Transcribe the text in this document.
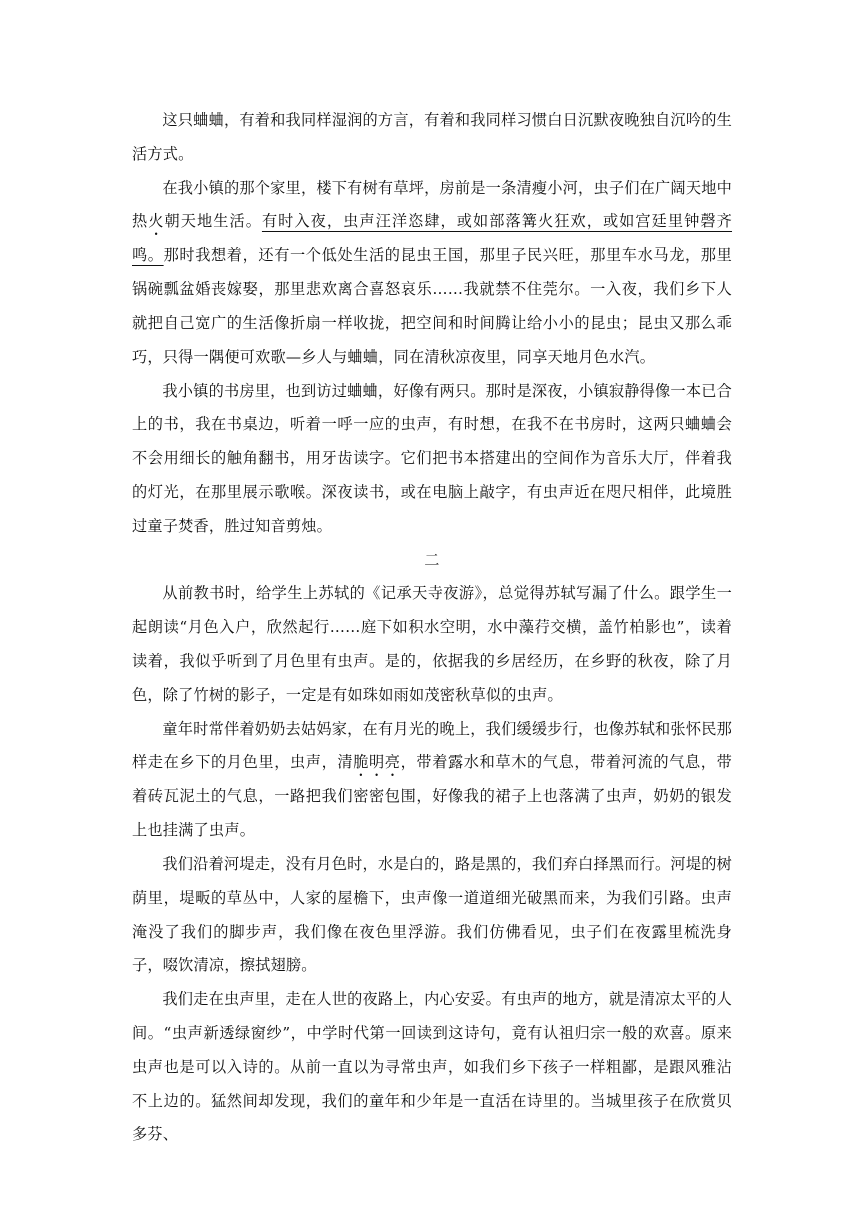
这只蛐蛐，有着和我同样湿润的方言，有着和我同样习惯白日沉默夜晚独自沉吟的生活方式。

在我小镇的那个家里，楼下有树有草坪，房前是一条清瘦小河，虫子们在广阔天地中热火朝天地生活。有时入夜，虫声汪洋恣肆，或如部落篝火狂欢，或如宫廷里钟磬齐鸣。那时我想着，还有一个低处生活的昆虫王国，那里子民兴旺，那里车水马龙，那里锅碗瓢盆婚丧嫁娶，那里悲欢离合喜怒哀乐……我就禁不住莞尔。一入夜，我们乡下人就把自己宽广的生活像折扇一样收拢，把空间和时间腾让给小小的昆虫；昆虫又那么乖巧，只得一隅便可欢歌—乡人与蛐蛐，同在清秋凉夜里，同享天地月色水汽。

我小镇的书房里，也到访过蛐蛐，好像有两只。那时是深夜，小镇寂静得像一本已合上的书，我在书桌边，听着一呼一应的虫声，有时想，在我不在书房时，这两只蛐蛐会不会用细长的触角翻书，用牙齿读字。它们把书本搭建出的空间作为音乐大厅，伴着我的灯光，在那里展示歌喉。深夜读书，或在电脑上敲字，有虫声近在咫尺相伴，此境胜过童子焚香，胜过知音剪烛。

二

从前教书时，给学生上苏轼的《记承天寺夜游》，总觉得苏轼写漏了什么。跟学生一起朗读“月色入户，欣然起行……庭下如积水空明，水中藻荇交横，盖竹柏影也”，读着读着，我似乎听到了月色里有虫声。是的，依据我的乡居经历，在乡野的秋夜，除了月色，除了竹树的影子，一定是有如珠如雨如茂密秋草似的虫声。

童年时常伴着奶奶去姑妈家，在有月光的晚上，我们缓缓步行，也像苏轼和张怀民那样走在乡下的月色里，虫声，清脆明亮，带着露水和草木的气息，带着河流的气息，带着砖瓦泥土的气息，一路把我们密密包围，好像我的裙子上也落满了虫声，奶奶的银发上也挂满了虫声。

我们沿着河堤走，没有月色时，水是白的，路是黑的，我们弃白择黑而行。河堤的树荫里，堤畈的草丛中，人家的屋檐下，虫声像一道道细光破黑而来，为我们引路。虫声淹没了我们的脚步声，我们像在夜色里浮游。我们仿佛看见，虫子们在夜露里梳洗身子，啜饮清凉，擦拭翅膀。

我们走在虫声里，走在人世的夜路上，内心安妥。有虫声的地方，就是清凉太平的人间。“虫声新透绿窗纱”，中学时代第一回读到这诗句，竟有认祖归宗一般的欢喜。原来虫声也是可以入诗的。从前一直以为寻常虫声，如我们乡下孩子一样粗鄙，是跟风雅沾不上边的。猛然间却发现，我们的童年和少年是一直活在诗里的。当城里孩子在欣赏贝多芬、
